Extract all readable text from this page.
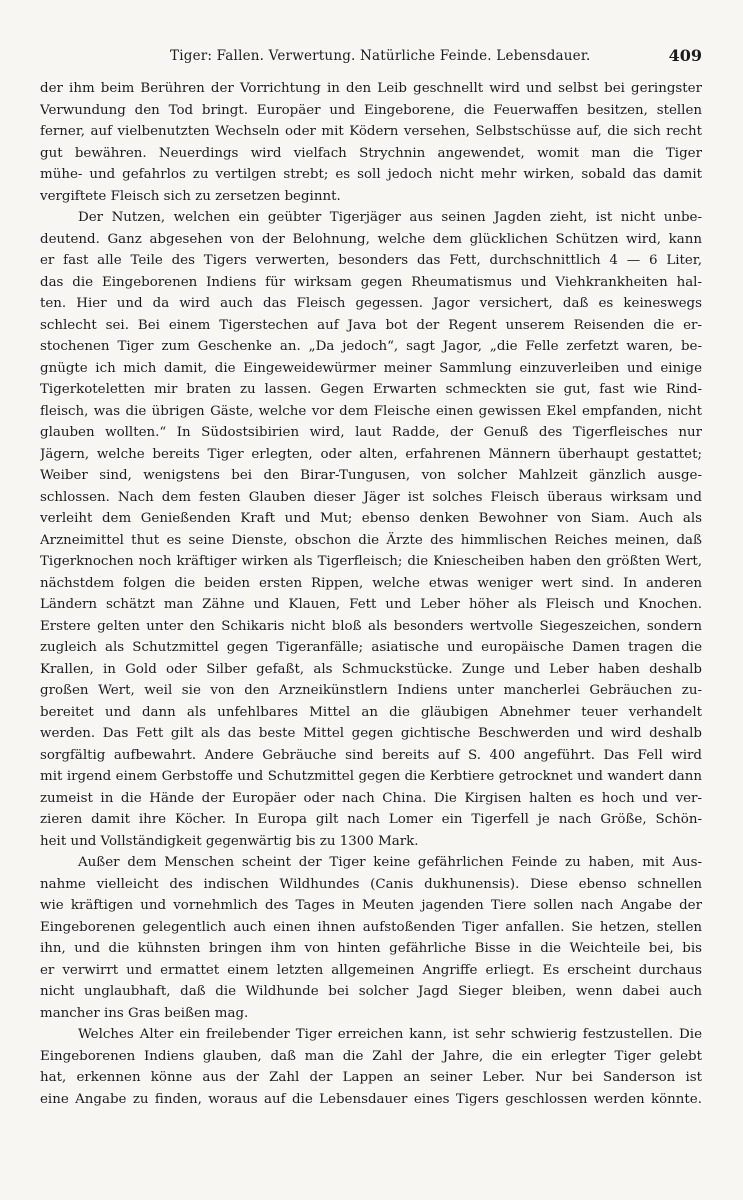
Tiger: Fallen. Verwertung. Natürliche Feinde. Lebensdauer.	409
der ihm beim Berühren der Vorrichtung in den Leib geschnellt wird und selbst bei geringster
Verwundung den Tod bringt. Europäer und Eingeborene, die Feuerwaffen besitzen, stellen
ferner, auf vielbenutzten Wechseln oder mit Ködern versehen, Selbstschüsse auf, die sich recht
gut bewähren. Neuerdings wird vielfach Strychnin angewendet, womit man die Tiger
mühe- und gefahrlos zu vertilgen strebt; es soll jedoch nicht mehr wirken, sobald das damit
vergiftete Fleisch sich zu zersetzen beginnt.
Der Nutzen, welchen ein geübter Tigerjäger aus seinen Jagden zieht, ist nicht unbe-
deutend. Ganz abgesehen von der Belohnung, welche dem glücklichen Schützen wird, kann
er fast alle Teile des Tigers verwerten, besonders das Fett, durchschnittlich 4 — 6 Liter,
das die Eingeborenen Indiens für wirksam gegen Rheumatismus und Viehkrankheiten hal-
ten. Hier und da wird auch das Fleisch gegessen. Jagor versichert, daß es keineswegs
schlecht sei. Bei einem Tigerstechen auf Java bot der Regent unserem Reisenden die er-
stochenen Tiger zum Geschenke an. „Da jedoch“, sagt Jagor, „die Felle zerfetzt waren, be-
gnügte ich mich damit, die Eingeweidewürmer meiner Sammlung einzuverleiben und einige
Tigerkoteletten mir braten zu lassen. Gegen Erwarten schmeckten sie gut, fast wie Rind-
fleisch, was die übrigen Gäste, welche vor dem Fleische einen gewissen Ekel empfanden, nicht
glauben wollten.“ In Südostsibirien wird, laut Radde, der Genuß des Tigerfleisches nur
Jägern, welche bereits Tiger erlegten, oder alten, erfahrenen Männern überhaupt gestattet;
Weiber sind, wenigstens bei den Birar-Tungusen, von solcher Mahlzeit gänzlich ausge-
schlossen. Nach dem festen Glauben dieser Jäger ist solches Fleisch überaus wirksam und
verleiht dem Genießenden Kraft und Mut; ebenso denken Bewohner von Siam. Auch als
Arzneimittel thut es seine Dienste, obschon die Ärzte des himmlischen Reiches meinen, daß
Tigerknochen noch kräftiger wirken als Tigerfleisch; die Kniescheiben haben den größten Wert,
nächstdem folgen die beiden ersten Rippen, welche etwas weniger wert sind. In anderen
Ländern schätzt man Zähne und Klauen, Fett und Leber höher als Fleisch und Knochen.
Erstere gelten unter den Schikaris nicht bloß als besonders wertvolle Siegeszeichen, sondern
zugleich als Schutzmittel gegen Tigeranfälle; asiatische und europäische Damen tragen die
Krallen, in Gold oder Silber gefaßt, als Schmuckstücke. Zunge und Leber haben deshalb
großen Wert, weil sie von den Arzneikünstlern Indiens unter mancherlei Gebräuchen zu-
bereitet und dann als unfehlbares Mittel an die gläubigen Abnehmer teuer verhandelt
werden. Das Fett gilt als das beste Mittel gegen gichtische Beschwerden und wird deshalb
sorgfältig aufbewahrt. Andere Gebräuche sind bereits auf S. 400 angeführt. Das Fell wird
mit irgend einem Gerbstoffe und Schutzmittel gegen die Kerbtiere getrocknet und wandert dann
zumeist in die Hände der Europäer oder nach China. Die Kirgisen halten es hoch und ver-
zieren damit ihre Köcher. In Europa gilt nach Lomer ein Tigerfell je nach Größe, Schön-
heit und Vollständigkeit gegenwärtig bis zu 1300 Mark.
Außer dem Menschen scheint der Tiger keine gefährlichen Feinde zu haben, mit Aus-
nahme vielleicht des indischen Wildhundes (Canis dukhunensis). Diese ebenso schnellen
wie kräftigen und vornehmlich des Tages in Meuten jagenden Tiere sollen nach Angabe der
Eingeborenen gelegentlich auch einen ihnen aufstoßenden Tiger anfallen. Sie hetzen, stellen
ihn, und die kühnsten bringen ihm von hinten gefährliche Bisse in die Weichteile bei, bis
er verwirrt und ermattet einem letzten allgemeinen Angriffe erliegt. Es erscheint durchaus
nicht unglaubhaft, daß die Wildhunde bei solcher Jagd Sieger bleiben, wenn dabei auch
mancher ins Gras beißen mag.
Welches Alter ein freilebender Tiger erreichen kann, ist sehr schwierig festzustellen. Die
Eingeborenen Indiens glauben, daß man die Zahl der Jahre, die ein erlegter Tiger gelebt
hat, erkennen könne aus der Zahl der Lappen an seiner Leber. Nur bei Sanderson ist
eine Angabe zu finden, woraus auf die Lebensdauer eines Tigers geschlossen werden könnte.
